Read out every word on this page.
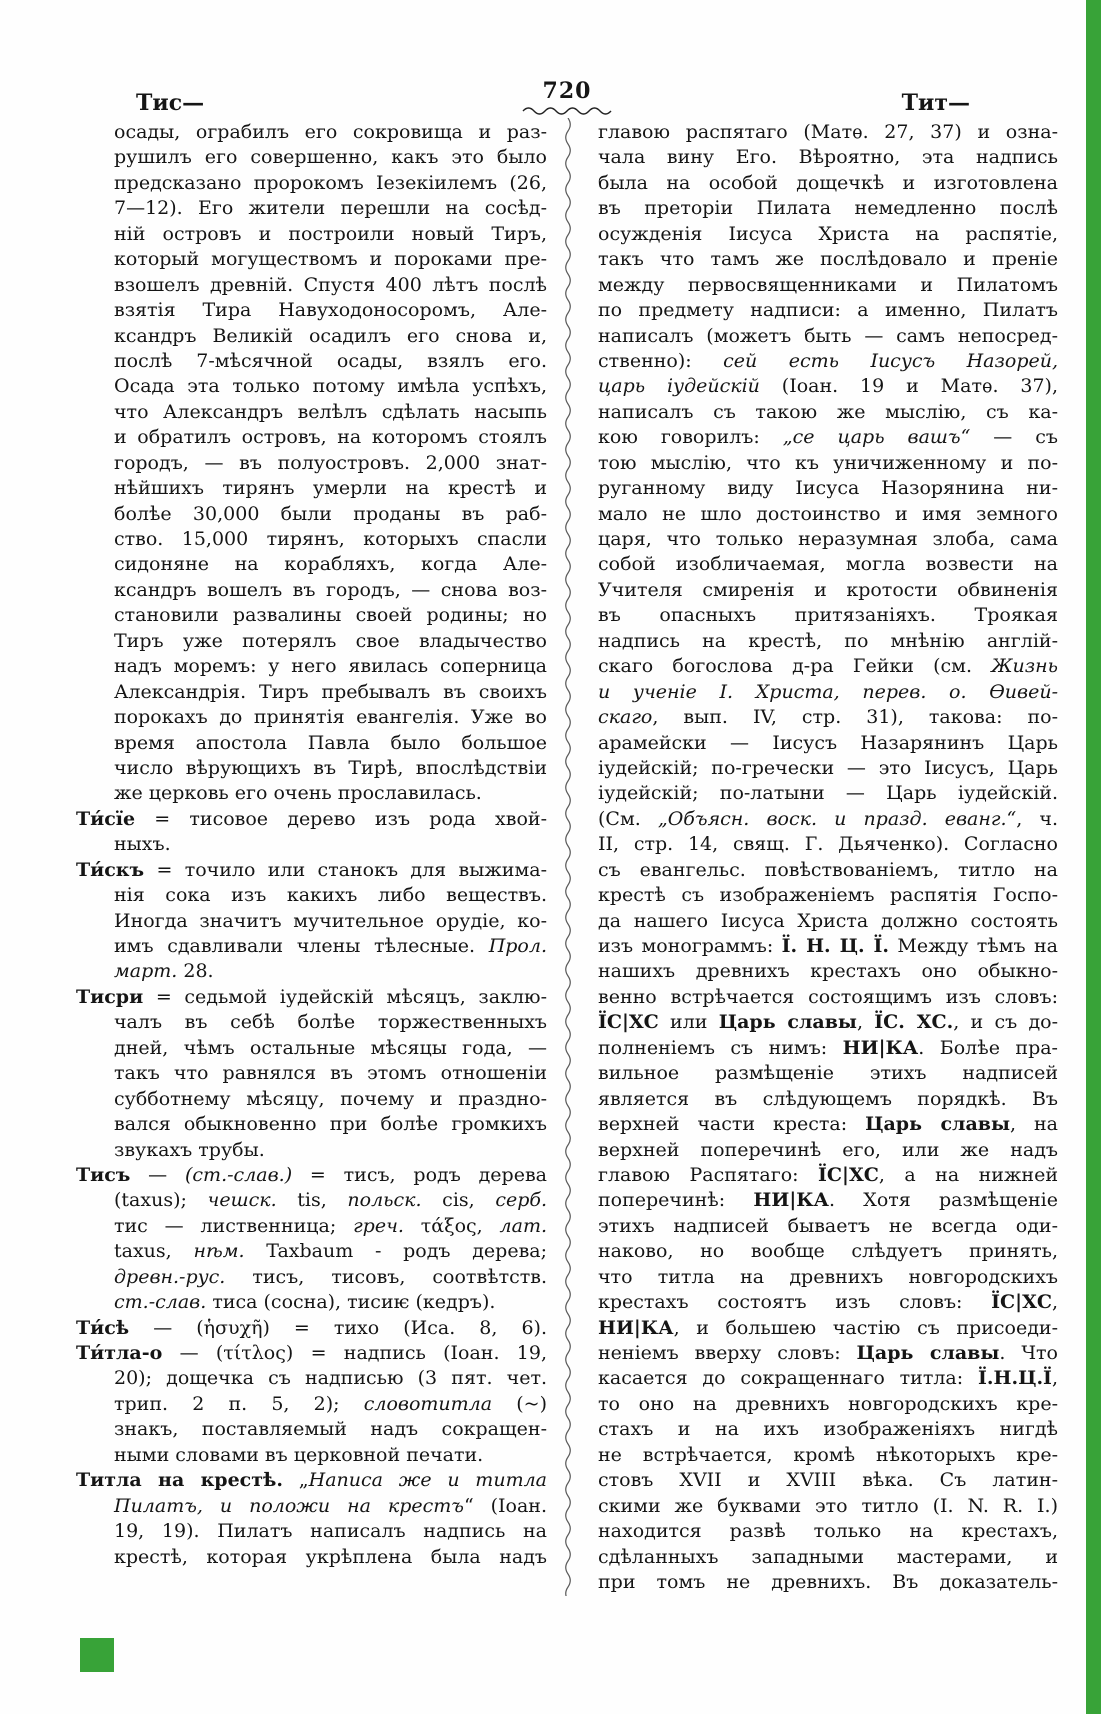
Тис—	720	Тит—
осады, ограбилъ его сокровища и раз-
рушилъ его совершенно, какъ это было
предсказано пророкомъ Іезекіилемъ (26,
7—12). Его жители перешли на сосѣд-
ній островъ и построили новый Тиръ,
который могуществомъ и пороками пре-
взошелъ древній. Спустя 400 лѣтъ послѣ
взятія Тира Навуходоносоромъ, Але-
ксандръ Великій осадилъ его снова и,
послѣ 7-мѣсячной осады, взялъ его.
Осада эта только потому имѣла успѣхъ,
что Александръ велѣлъ сдѣлать насыпь
и обратилъ островъ, на которомъ стоялъ
городъ, — въ полуостровъ. 2,000 знат-
нѣйшихъ тирянъ умерли на крестѣ и
болѣе 30,000 были проданы въ раб-
ство. 15,000 тирянъ, которыхъ спасли
сидоняне на корабляхъ, когда Але-
ксандръ вошелъ въ городъ, — снова воз-
становили развалины своей родины; но
Тиръ уже потерялъ свое владычество
надъ моремъ: у него явилась соперница
Александрія. Тиръ пребывалъ въ своихъ
порокахъ до принятія евангелія. Уже во
время апостола Павла было большое
число вѣрующихъ въ Тирѣ, впослѣдствіи
же церковь его очень прославилась.
Ти́сїе = тисовое дерево изъ рода хвой-
ныхъ.
Ти́скъ = точило или станокъ для выжима-
нія сока изъ какихъ либо веществъ.
Иногда значитъ мучительное орудіе, ко-
имъ сдавливали члены тѣлесные. Прол.
март. 28.
Тисри = седьмой іудейскій мѣсяцъ, заклю-
чалъ въ себѣ болѣе торжественныхъ
дней, чѣмъ остальные мѣсяцы года, —
такъ что равнялся въ этомъ отношеніи
субботнему мѣсяцу, почему и праздно-
вался обыкновенно при болѣе громкихъ
звукахъ трубы.
Тисъ — (ст.-слав.) = тисъ, родъ дерева
(taxus); чешск. tis, польск. cis, серб.
тис — лиственница; греч. τάξος, лат.
taxus, нѣм. Taxbaum - родъ дерева;
древн.-рус. тисъ, тисовъ, соотвѣтств.
ст.-слав. тиса (сосна), тисиѥ (кедръ).
Ти́сѣ — (ἡσυχῆ) = тихо (Иса. 8, 6).
Ти́тла-о — (τίτλος) = надпись (Іоан. 19,
20); дощечка съ надписью (3 пят. чет.
трип. 2 п. 5, 2); словотитла (~)
знакъ, поставляемый надъ сокращен-
ными словами въ церковной печати.
Титла на крестѣ. „Написа же и титла
Пилатъ, и положи на крестъ“ (Іоан.
19, 19). Пилатъ написалъ надпись на
крестѣ, которая укрѣплена была надъ
главою распятаго (Матѳ. 27, 37) и озна-
чала вину Его. Вѣроятно, эта надпись
была на особой дощечкѣ и изготовлена
въ преторіи Пилата немедленно послѣ
осужденія Іисуса Христа на распятіе,
такъ что тамъ же послѣдовало и преніе
между первосвященниками и Пилатомъ
по предмету надписи: а именно, Пилатъ
написалъ (можетъ быть — самъ непосред-
ственно): сей есть Іисусъ Назорей,
царь іудейскій (Іоан. 19 и Матѳ. 37),
написалъ съ такою же мыслію, съ ка-
кою говорилъ: „се царь вашъ“ — съ
тою мыслію, что къ уничиженному и по-
руганному виду Іисуса Назорянина ни-
мало не шло достоинство и имя земного
царя, что только неразумная злоба, сама
собой изобличаемая, могла возвести на
Учителя смиренія и кротости обвиненія
въ опасныхъ притязаніяхъ. Троякая
надпись на крестѣ, по мнѣнію англій-
скаго богослова д-ра Гейки (см. Жизнь
и ученіе І. Христа, перев. о. Ѳивей-
скаго, вып. IV, стр. 31), такова: по-
арамейски — Іисусъ Назарянинъ Царь
іудейскій; по-гречески — это Іисусъ, Царь
іудейскій; по-латыни — Царь іудейскій.
(См. „Объясн. воск. и празд. еванг.“, ч.
II, стр. 14, свящ. Г. Дьяченко). Согласно
съ евангельс. повѣствованіемъ, титло на
крестѣ съ изображеніемъ распятія Госпо-
да нашего Іисуса Христа должно состоять
изъ монограммъ: Ї. Н. Ц. Ї. Между тѣмъ на
нашихъ древнихъ крестахъ оно обыкно-
венно встрѣчается состоящимъ изъ словъ:
ЇС|ХС или Царь славы, ЇС. ХС., и съ до-
полненіемъ съ нимъ: НИ|КА. Болѣе пра-
вильное размѣщеніе этихъ надписей
является въ слѣдующемъ порядкѣ. Въ
верхней части креста: Царь славы, на
верхней поперечинѣ его, или же надъ
главою Распятаго: ЇС|ХС, а на нижней
поперечинѣ: НИ|КА. Хотя размѣщеніе
этихъ надписей бываетъ не всегда оди-
наково, но вообще слѣдуетъ принять,
что титла на древнихъ новгородскихъ
крестахъ состоятъ изъ словъ: ЇС|ХС,
НИ|КА, и большею частію съ присоеди-
неніемъ вверху словъ: Царь славы. Что
касается до сокращеннаго титла: Ї.Н.Ц.Ї,
то оно на древнихъ новгородскихъ кре-
стахъ и на ихъ изображеніяхъ нигдѣ
не встрѣчается, кромѣ нѣкоторыхъ кре-
стовъ XVII и XVIII вѣка. Съ латин-
скими же буквами это титло (I. N. R. I.)
находится развѣ только на крестахъ,
сдѣланныхъ западными мастерами, и
при томъ не древнихъ. Въ доказатель-
